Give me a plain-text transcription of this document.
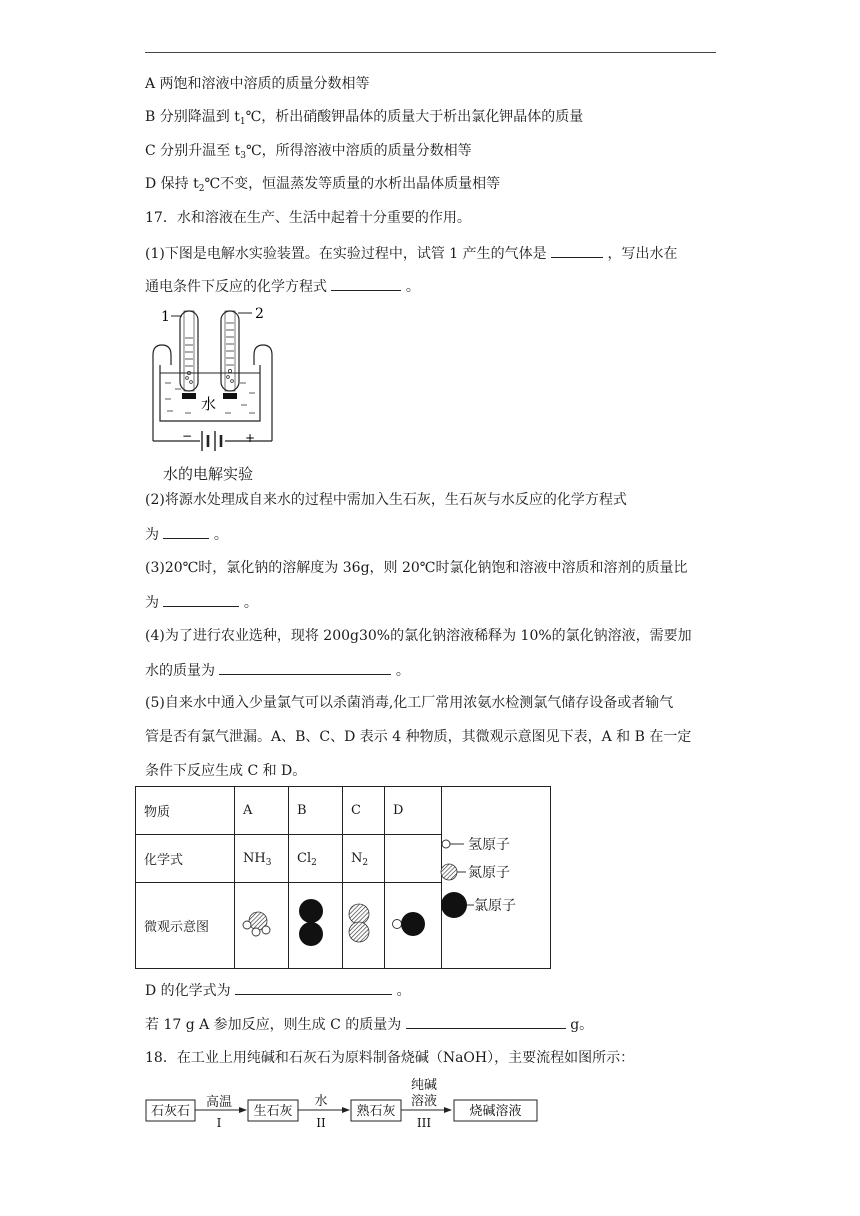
A 两饱和溶液中溶质的质量分数相等
B 分别降温到 $t_1℃$，析出硝酸钾晶体的质量大于析出氯化钾晶体的质量
C 分别升温至 $t_3℃$，所得溶液中溶质的质量分数相等
D 保持 $t_2℃$不变，恒温蒸发等质量的水析出晶体质量相等
17．水和溶液在生产、生活中起着十分重要的作用。
(1)下图是电解水实验装置。在实验过程中，试管 1 产生的气体是	，写出水在
通电条件下反应的化学方程式	。
1	2
水
−	+
水的电解实验
(2)将源水处理成自来水的过程中需加入生石灰，生石灰与水反应的化学方程式
为	。
(3)20℃时，氯化钠的溶解度为 36g，则 20℃时氯化钠饱和溶液中溶质和溶剂的质量比
为	。
(4)为了进行农业选种，现将 200g30%的氯化钠溶液稀释为 10%的氯化钠溶液，需要加
水的质量为	。
(5)自来水中通入少量氯气可以杀菌消毒,化工厂常用浓氨水检测氯气储存设备或者输气
管是否有氯气泄漏。A、B、C、D 表示 4 种物质，其微观示意图见下表，A 和 B 在一定
条件下反应生成 C 和 D。
物质	A	B	C	D	
化学式	$NH_3$	$Cl_2$	$N_2$	
微观示意图				
氢原子
氮原子
氯原子
D 的化学式为	。
若 17 g A 参加反应，则生成 C 的质量为	g。
18．在工业上用纯碱和石灰石为原料制备烧碱（NaOH），主要流程如图所示：
石灰石
高温
I
生石灰
水
II
熟石灰
纯碱
溶液
III
烧碱溶液
